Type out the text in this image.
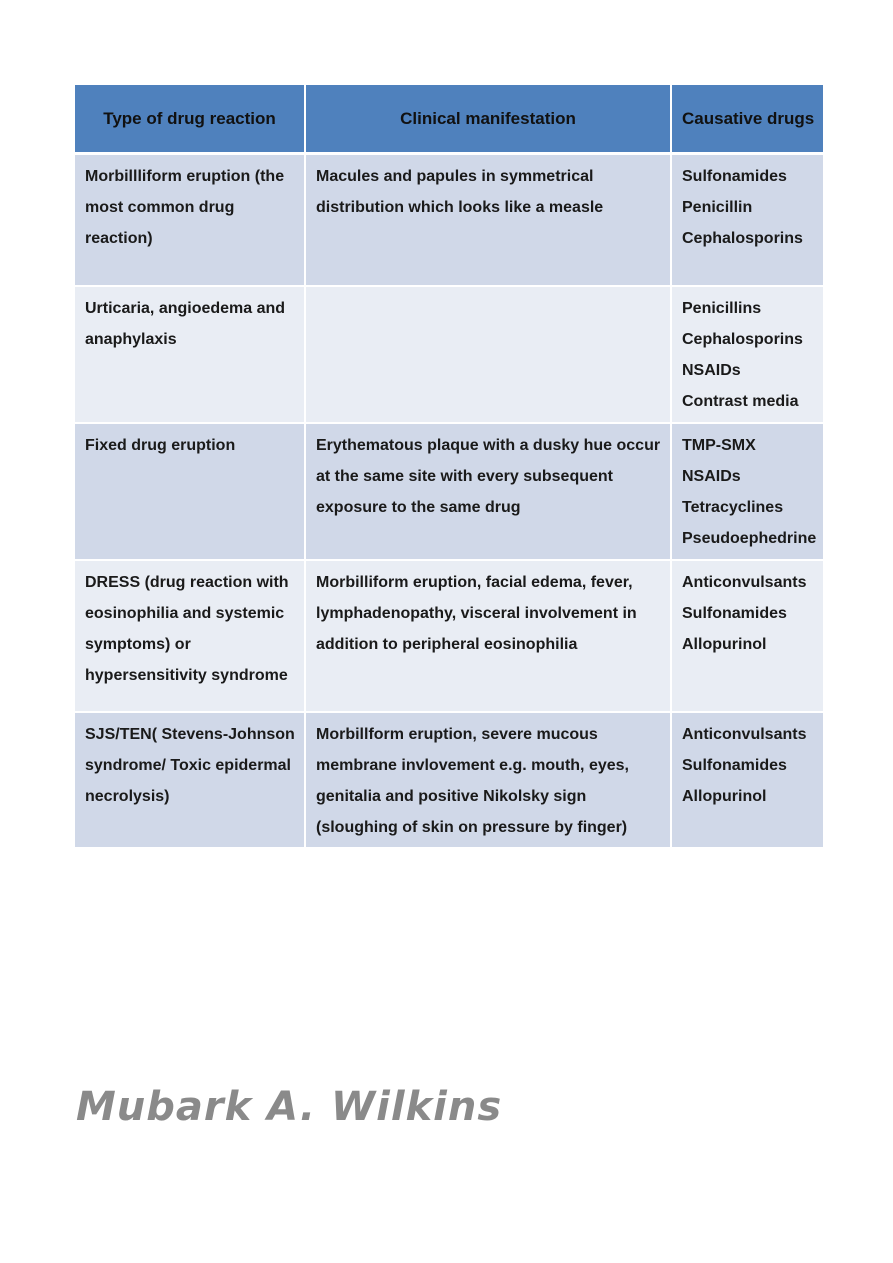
Type of drug reaction	Clinical manifestation	Causative drugs
Morbillliform eruption (the most common drug reaction)	Macules and papules in symmetrical distribution which looks like a measle	Sulfonamides
Penicillin
Cephalosporins

Urticaria, angioedema and anaphylaxis		Penicillins
Cephalosporins
NSAIDs
Contrast media

Fixed drug eruption	Erythematous plaque with a dusky hue occur at the same site with every subsequent exposure to the same drug	TMP-SMX
NSAIDs
Tetracyclines
Pseudoephedrine

DRESS (drug reaction with eosinophilia and systemic symptoms) or hypersensitivity syndrome	Morbilliform eruption, facial edema, fever, lymphadenopathy, visceral involvement in addition to peripheral eosinophilia	Anticonvulsants
Sulfonamides
Allopurinol

SJS/TEN( Stevens-Johnson syndrome/ Toxic epidermal necrolysis)	Morbillform eruption, severe mucous membrane invlovement e.g. mouth, eyes, genitalia and positive Nikolsky sign (sloughing of skin on pressure by finger)	Anticonvulsants
Sulfonamides
Allopurinol
Mubark A. Wilkins
